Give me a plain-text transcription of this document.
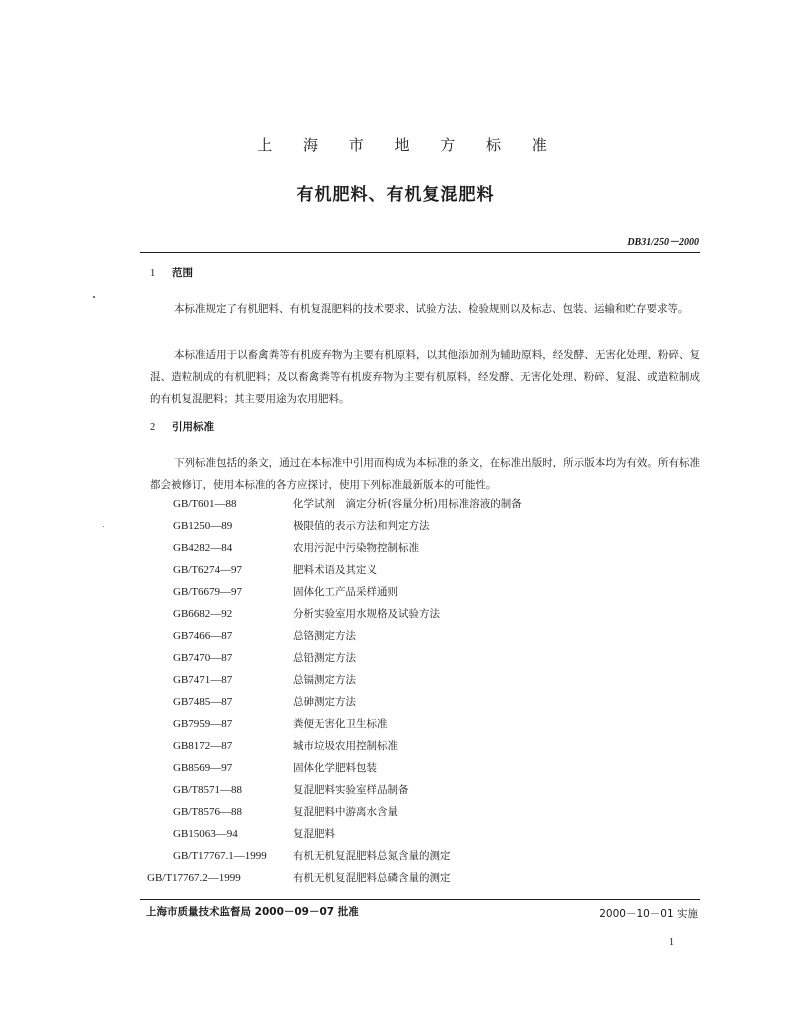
上 海 市 地 方 标 准
有机肥料、有机复混肥料
DB31/250－2000
1 范围
本标准规定了有机肥料、有机复混肥料的技术要求、试验方法、检验规则以及标志、包装、运输和贮存要求等。
本标准适用于以畜禽粪等有机废弃物为主要有机原料，以其他添加剂为辅助原料，经发酵、无害化处理、粉碎、复混、造粒制成的有机肥料；及以畜禽粪等有机废弃物为主要有机原料，经发酵、无害化处理、粉碎、复混、或造粒制成的有机复混肥料；其主要用途为农用肥料。
2 引用标准
下列标准包括的条文，通过在本标准中引用而构成为本标准的条文，在标准出版时，所示版本均为有效。所有标准都会被修订，使用本标准的各方应探讨，使用下列标准最新版本的可能性。
GB/T601—88	化学试剂　滴定分析(容量分析)用标准溶液的制备
GB1250—89	极限值的表示方法和判定方法
GB4282—84	农用污泥中污染物控制标准
GB/T6274—97	肥料术语及其定义
GB/T6679—97	固体化工产品采样通则
GB6682—92	分析实验室用水规格及试验方法
GB7466—87	总铬测定方法
GB7470—87	总铅测定方法
GB7471—87	总镉测定方法
GB7485—87	总砷测定方法
GB7959—87	粪便无害化卫生标准
GB8172—87	城市垃圾农用控制标准
GB8569—97	固体化学肥料包装
GB/T8571—88	复混肥料实验室样品制备
GB/T8576—88	复混肥料中游离水含量
GB15063—94	复混肥料
GB/T17767.1—1999 有机无机复混肥料总氮含量的测定
GB/T17767.2—1999	有机无机复混肥料总磷含量的测定
上海市质量技术监督局 2000－09－07 批准	2000－10－01 实施
1
